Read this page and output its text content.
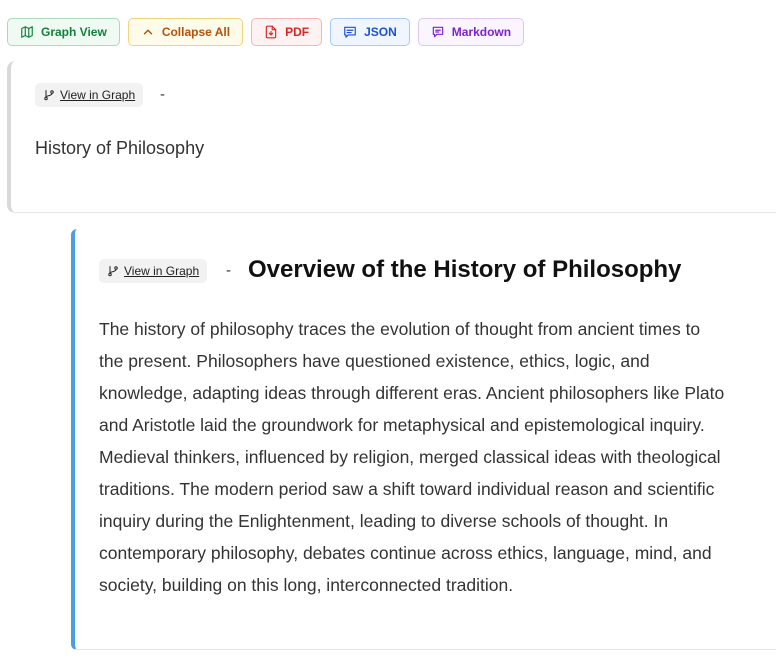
Graph View	Collapse All	PDF	JSON	Markdown
View in Graph -
History of Philosophy
View in Graph - Overview of the History of Philosophy

The history of philosophy traces the evolution of thought from ancient times to the present. Philosophers have questioned existence, ethics, logic, and knowledge, adapting ideas through different eras. Ancient philosophers like Plato and Aristotle laid the groundwork for metaphysical and epistemological inquiry. Medieval thinkers, influenced by religion, merged classical ideas with theological traditions. The modern period saw a shift toward individual reason and scientific inquiry during the Enlightenment, leading to diverse schools of thought. In contemporary philosophy, debates continue across ethics, language, mind, and society, building on this long, interconnected tradition.
